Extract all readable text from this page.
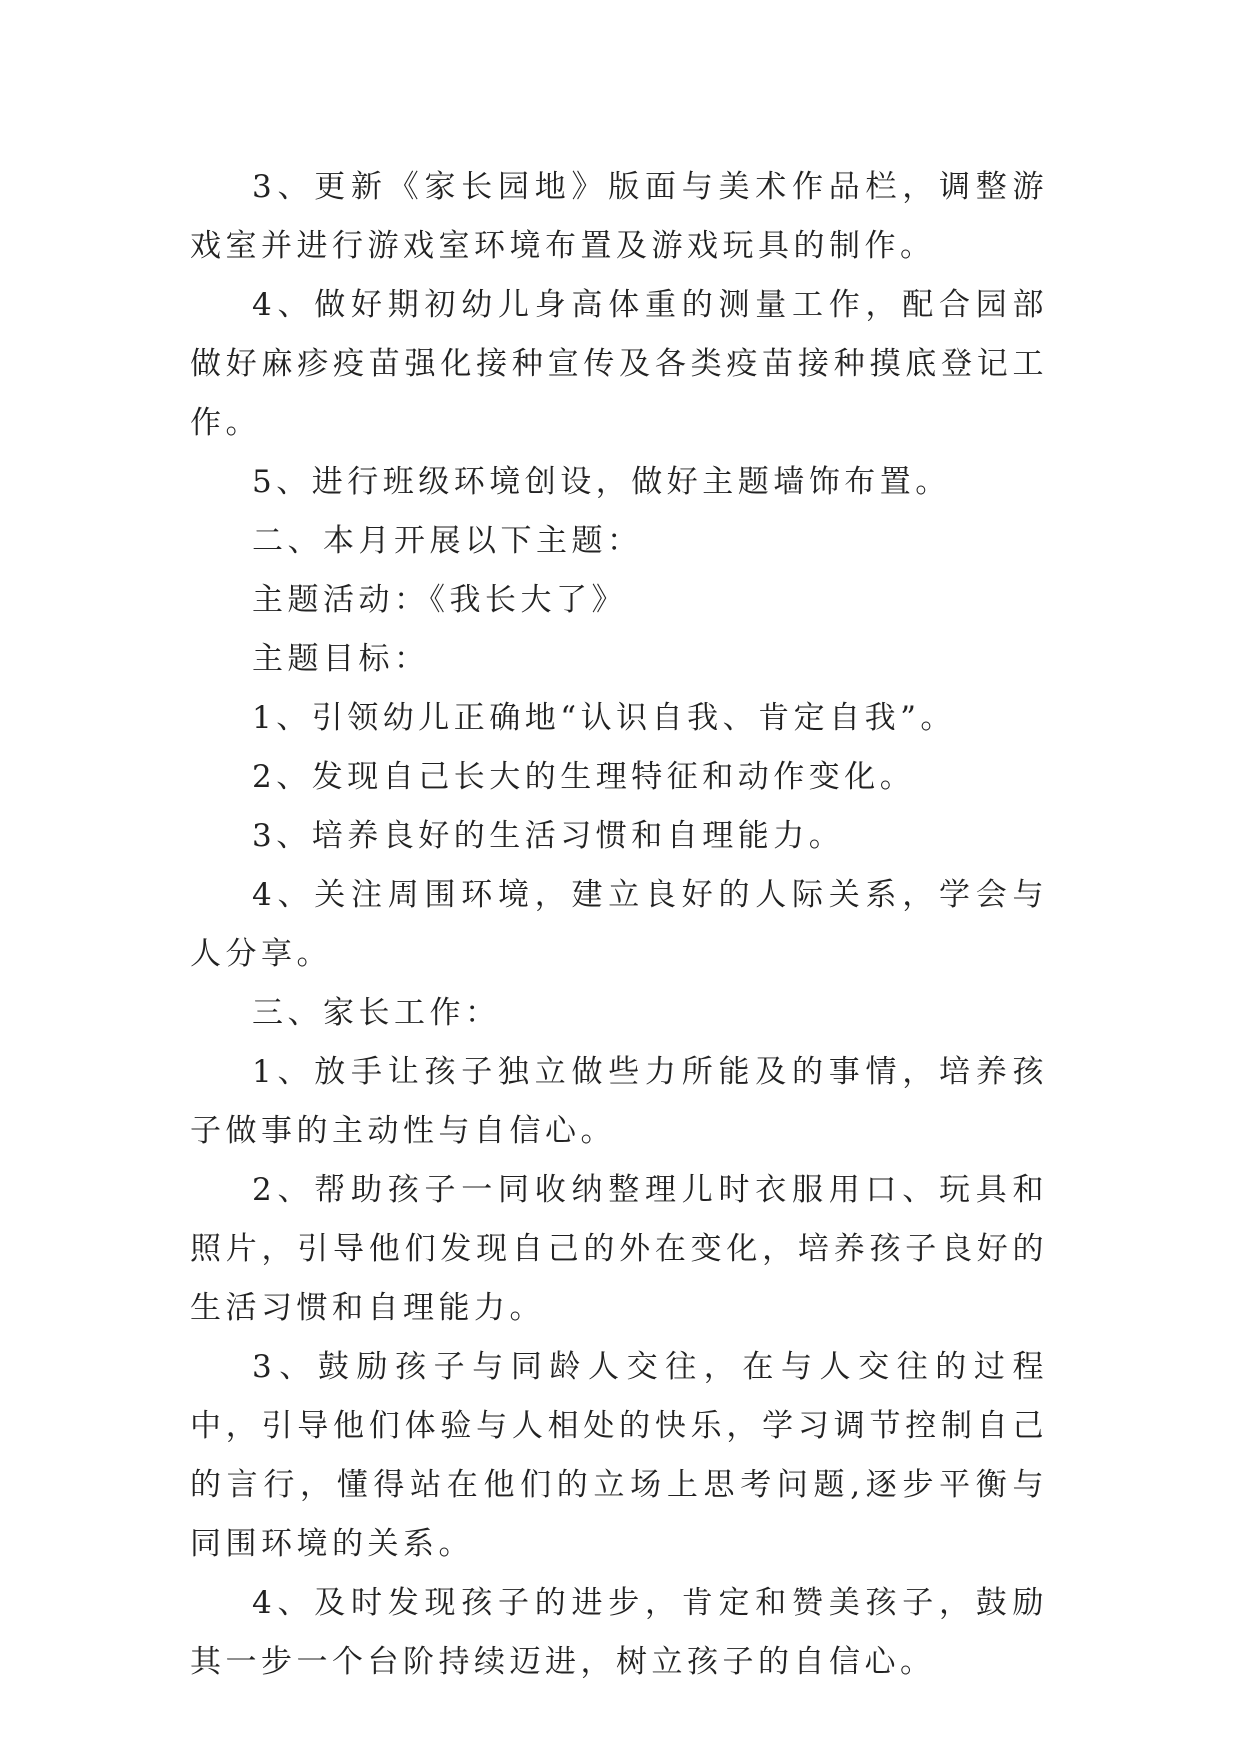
3、更新《家长园地》版面与美术作品栏，调整游戏室并进行游戏室环境布置及游戏玩具的制作。

4、做好期初幼儿身高体重的测量工作，配合园部做好麻疹疫苗强化接种宣传及各类疫苗接种摸底登记工作。

5、进行班级环境创设，做好主题墙饰布置。

二、本月开展以下主题：

主题活动：《我长大了》

主题目标：

1、引领幼儿正确地“认识自我、肯定自我”。

2、发现自己长大的生理特征和动作变化。

3、培养良好的生活习惯和自理能力。

4、关注周围环境，建立良好的人际关系，学会与人分享。

三、家长工作：

1、放手让孩子独立做些力所能及的事情，培养孩子做事的主动性与自信心。

2、帮助孩子一同收纳整理儿时衣服用口、玩具和照片，引导他们发现自己的外在变化，培养孩子良好的生活习惯和自理能力。

3、鼓励孩子与同龄人交往，在与人交往的过程中，引导他们体验与人相处的快乐，学习调节控制自己的言行，懂得站在他们的立场上思考问题,逐步平衡与同围环境的关系。

4、及时发现孩子的进步，肯定和赞美孩子，鼓励其一步一个台阶持续迈进，树立孩子的自信心。
